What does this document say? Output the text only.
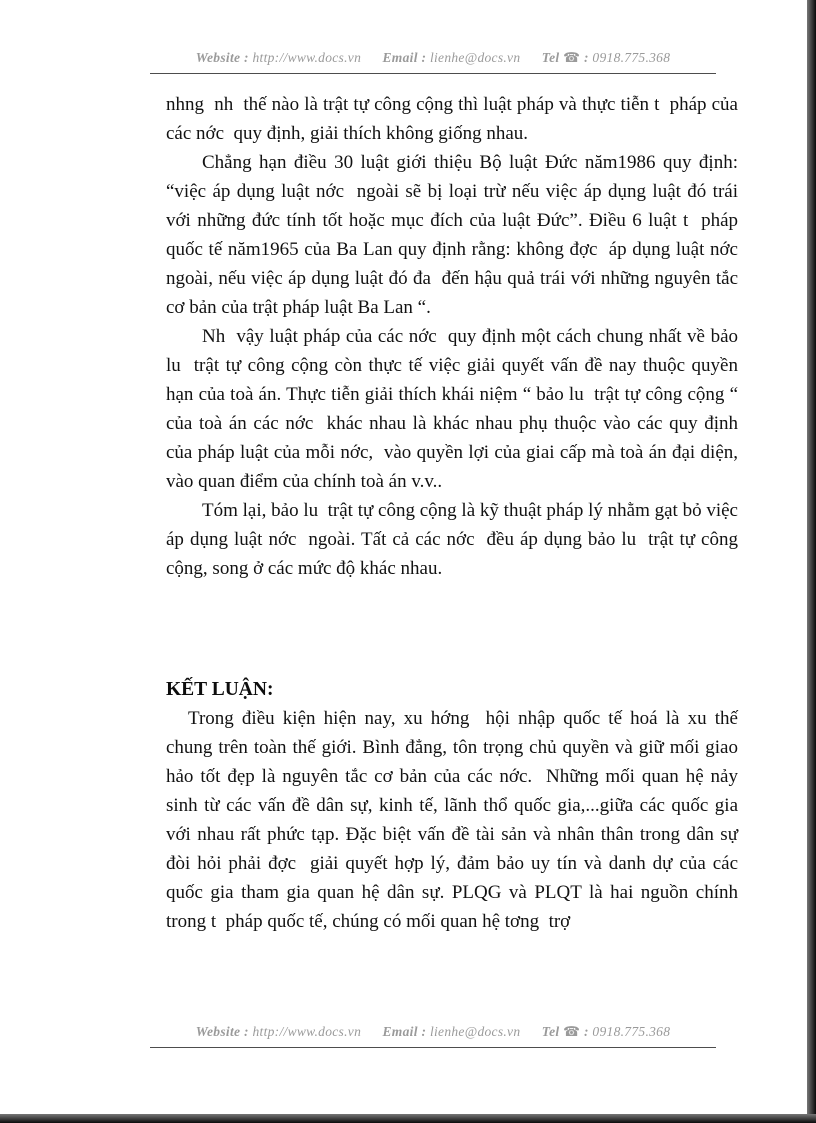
Website : http://www.docs.vn Email : lienhe@docs.vn Tel ☎ : 0918.775.368

nhng  nh  thế nào là trật tự công cộng thì luật pháp và thực tiễn t  pháp của các nớc  quy định, giải thích không giống nhau.

Chẳng hạn điều 30 luật giới thiệu Bộ luật Đức năm1986 quy định: “việc áp dụng luật nớc  ngoài sẽ bị loại trừ nếu việc áp dụng luật đó trái với những đức tính tốt hoặc mục đích của luật Đức”. Điều 6 luật t  pháp quốc tế năm1965 của Ba Lan quy định rằng: không đợc  áp dụng luật nớc  ngoài, nếu việc áp dụng luật đó đa  đến hậu quả trái với những nguyên tắc cơ bản của trật pháp luật Ba Lan “.

Nh  vậy luật pháp của các nớc  quy định một cách chung nhất về bảo lu  trật tự công cộng còn thực tế việc giải quyết vấn đề nay thuộc quyền hạn của toà án. Thực tiễn giải thích khái niệm “ bảo lu  trật tự công cộng “ của toà án các nớc  khác nhau là khác nhau phụ thuộc vào các quy định của pháp luật của mỗi nớc,  vào quyền lợi của giai cấp mà toà án đại diện, vào quan điểm của chính toà án v.v..

Tóm lại, bảo lu  trật tự công cộng là kỹ thuật pháp lý nhằm gạt bỏ việc áp dụng luật nớc  ngoài. Tất cả các nớc  đều áp dụng bảo lu  trật tự công cộng, song ở các mức độ khác nhau.

KẾT LUẬN:

Trong điều kiện hiện nay, xu hớng  hội nhập quốc tế hoá là xu thế chung trên toàn thế giới. Bình đẳng, tôn trọng chủ quyền và giữ mối giao hảo tốt đẹp là nguyên tắc cơ bản của các nớc.  Những mối quan hệ nảy sinh từ các vấn đề dân sự, kinh tế, lãnh thổ quốc gia,...giữa các quốc gia với nhau rất phức tạp. Đặc biệt vấn đề tài sản và nhân thân trong dân sự đòi hỏi phải đợc  giải quyết hợp lý, đảm bảo uy tín và danh dự của các quốc gia tham gia quan hệ dân sự. PLQG và PLQT là hai nguồn chính trong t  pháp quốc tế, chúng có mối quan hệ tơng  trợ

Website : http://www.docs.vn Email : lienhe@docs.vn Tel ☎ : 0918.775.368
